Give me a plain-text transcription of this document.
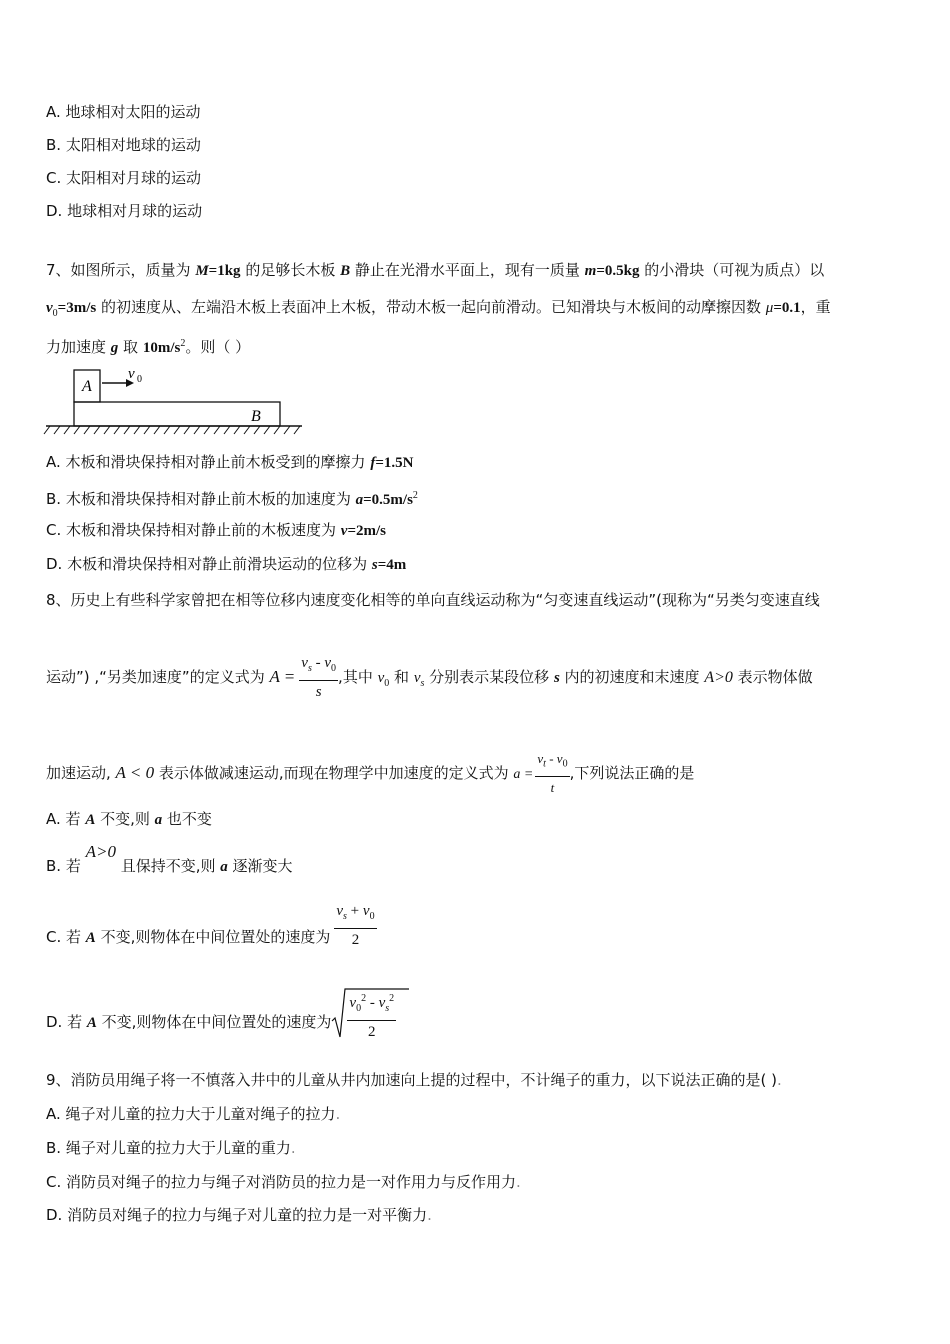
A. 地球相对太阳的运动
B. 太阳相对地球的运动
C. 太阳相对月球的运动
D. 地球相对月球的运动
7、如图所示，质量为 M=1kg 的足够长木板 B 静止在光滑水平面上，现有一质量 m=0.5kg 的小滑块（可视为质点）以
$v_0=3m/s$ 的初速度从、左端沿木板上表面冲上木板，带动木板一起向前滑动。已知滑块与木板间的动摩擦因数 μ=0.1，重
力加速度 g 取 $10m/s^2$。则（ ）
A
v 0
B
A. 木板和滑块保持相对静止前木板受到的摩擦力 f=1.5N
B. 木板和滑块保持相对静止前木板的加速度为 $a=0.5m/s^2$
C. 木板和滑块保持相对静止前的木板速度为 v=2m/s
D. 木板和滑块保持相对静止前滑块运动的位移为 s=4m
8、历史上有些科学家曾把在相等位移内速度变化相等的单向直线运动称为“匀变速直线运动”(现称为“另类匀变速直线
运动”) ,“另类加速度”的定义式为 $A = \frac{v_s - v_0}{s}$ ,其中 $v_0$ 和 $v_s$ 分别表示某段位移 s 内的初速度和末速度 A>0 表示物体做
加速运动, A < 0 表示体做减速运动,而现在物理学中加速度的定义式为 $a = \frac{v_t - v_0}{t}$ ,下列说法正确的是
A. 若 A 不变,则 a 也不变
B. 若 A>0 且保持不变,则 a 逐渐变大
C. 若 A 不变,则物体在中间位置处的速度为 $\frac{v_s + v_0}{2}$
D. 若 A 不变,则物体在中间位置处的速度为 $\frac{v_0^2 - v_s^2}{2}$
9、消防员用绳子将一不慎落入井中的儿童从井内加速向上提的过程中，不计绳子的重力，以下说法正确的是( ).
A. 绳子对儿童的拉力大于儿童对绳子的拉力.
B. 绳子对儿童的拉力大于儿童的重力.
C. 消防员对绳子的拉力与绳子对消防员的拉力是一对作用力与反作用力.
D. 消防员对绳子的拉力与绳子对儿童的拉力是一对平衡力.
